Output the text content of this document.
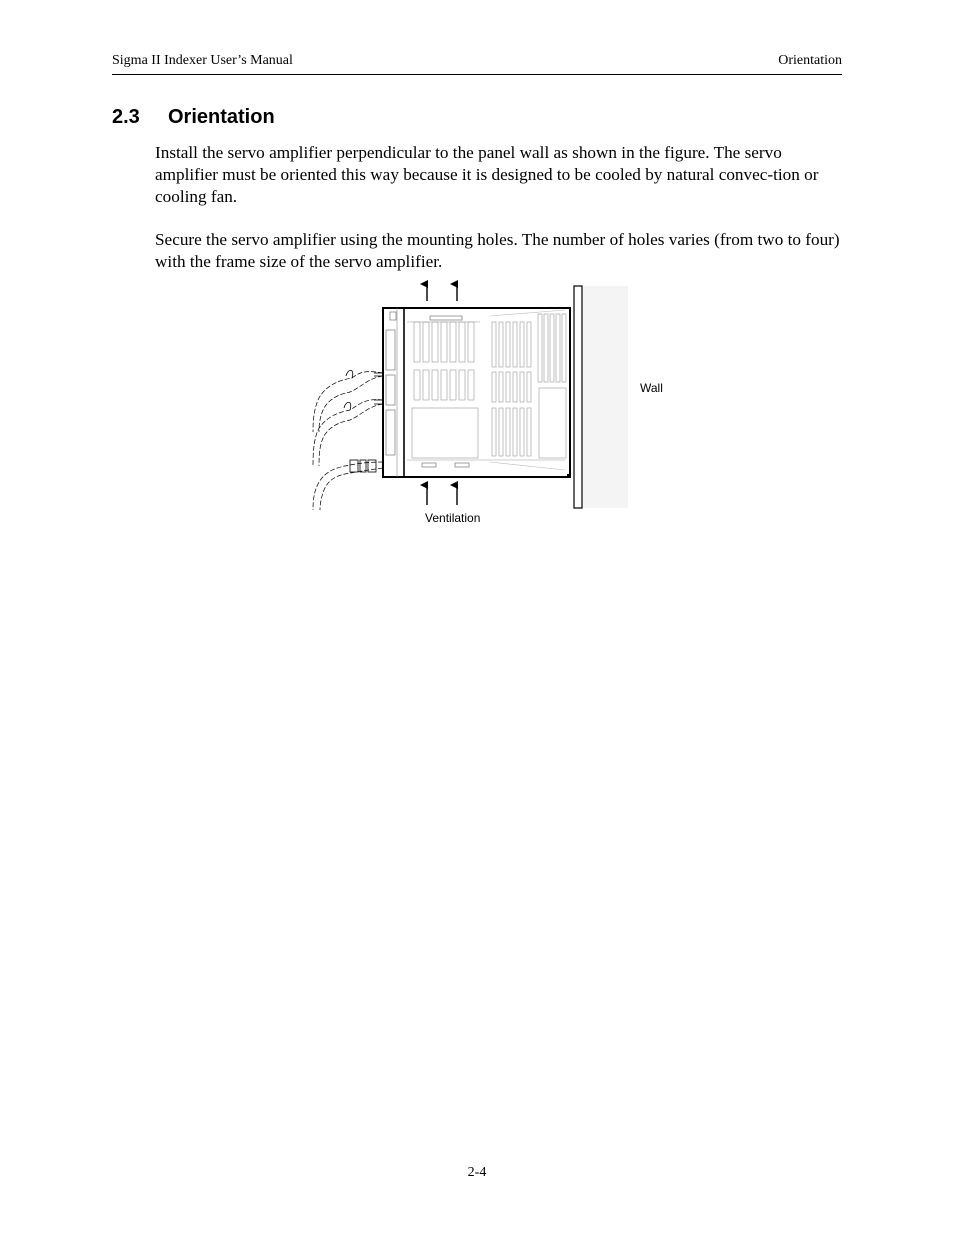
Sigma II Indexer User’s Manual	Orientation
2.3 Orientation

Install the servo amplifier perpendicular to the panel wall as shown in the figure. The servo amplifier must be oriented this way because it is designed to be cooled by natural convec-tion or cooling fan.

Secure the servo amplifier using the mounting holes. The number of holes varies (from two to four) with the frame size of the servo amplifier.

Wall
Ventilation
2-4
